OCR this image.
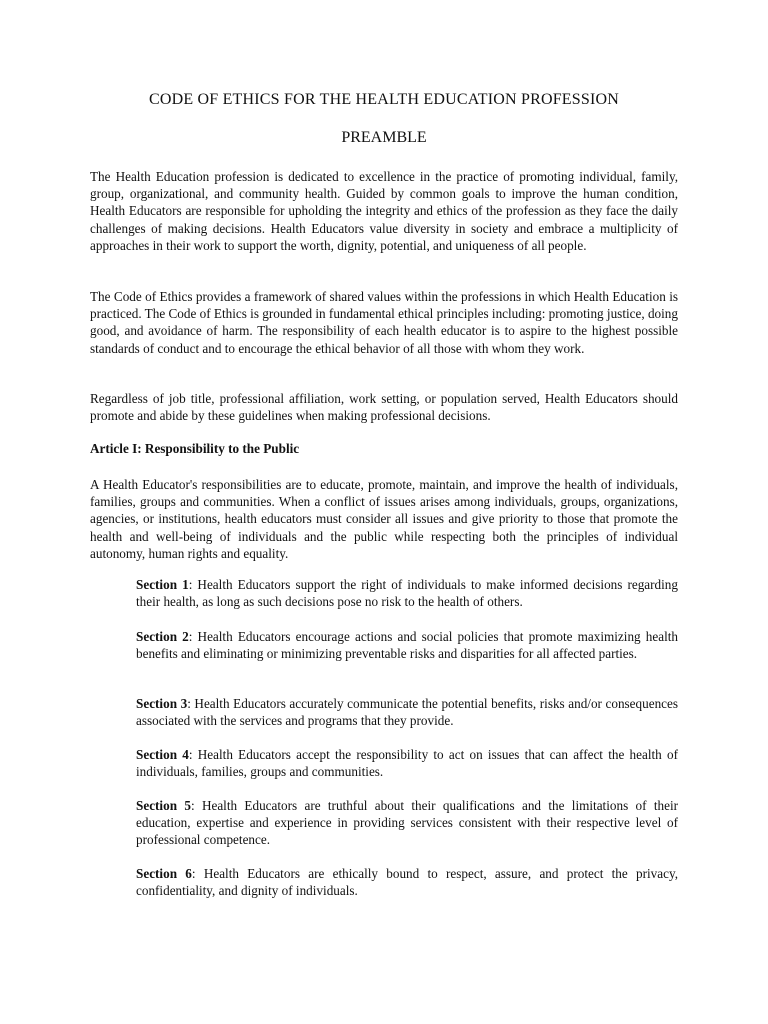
CODE OF ETHICS FOR THE HEALTH EDUCATION PROFESSION
PREAMBLE

The Health Education profession is dedicated to excellence in the practice of promoting individual, family, group, organizational, and community health. Guided by common goals to improve the human condition, Health Educators are responsible for upholding the integrity and ethics of the profession as they face the daily challenges of making decisions. Health Educators value diversity in society and embrace a multiplicity of approaches in their work to support the worth, dignity, potential, and uniqueness of all people.

The Code of Ethics provides a framework of shared values within the professions in which Health Education is practiced. The Code of Ethics is grounded in fundamental ethical principles including: promoting justice, doing good, and avoidance of harm. The responsibility of each health educator is to aspire to the highest possible standards of conduct and to encourage the ethical behavior of all those with whom they work.

Regardless of job title, professional affiliation, work setting, or population served, Health Educators should promote and abide by these guidelines when making professional decisions.

Article I: Responsibility to the Public

A Health Educator's responsibilities are to educate, promote, maintain, and improve the health of individuals, families, groups and communities. When a conflict of issues arises among individuals, groups, organizations, agencies, or institutions, health educators must consider all issues and give priority to those that promote the health and well-being of individuals and the public while respecting both the principles of individual autonomy, human rights and equality.

Section 1: Health Educators support the right of individuals to make informed decisions regarding their health, as long as such decisions pose no risk to the health of others.

Section 2: Health Educators encourage actions and social policies that promote maximizing health benefits and eliminating or minimizing preventable risks and disparities for all affected parties.

Section 3: Health Educators accurately communicate the potential benefits, risks and/or consequences associated with the services and programs that they provide.

Section 4: Health Educators accept the responsibility to act on issues that can affect the health of individuals, families, groups and communities.

Section 5: Health Educators are truthful about their qualifications and the limitations of their education, expertise and experience in providing services consistent with their respective level of professional competence.

Section 6: Health Educators are ethically bound to respect, assure, and protect the privacy, confidentiality, and dignity of individuals.
